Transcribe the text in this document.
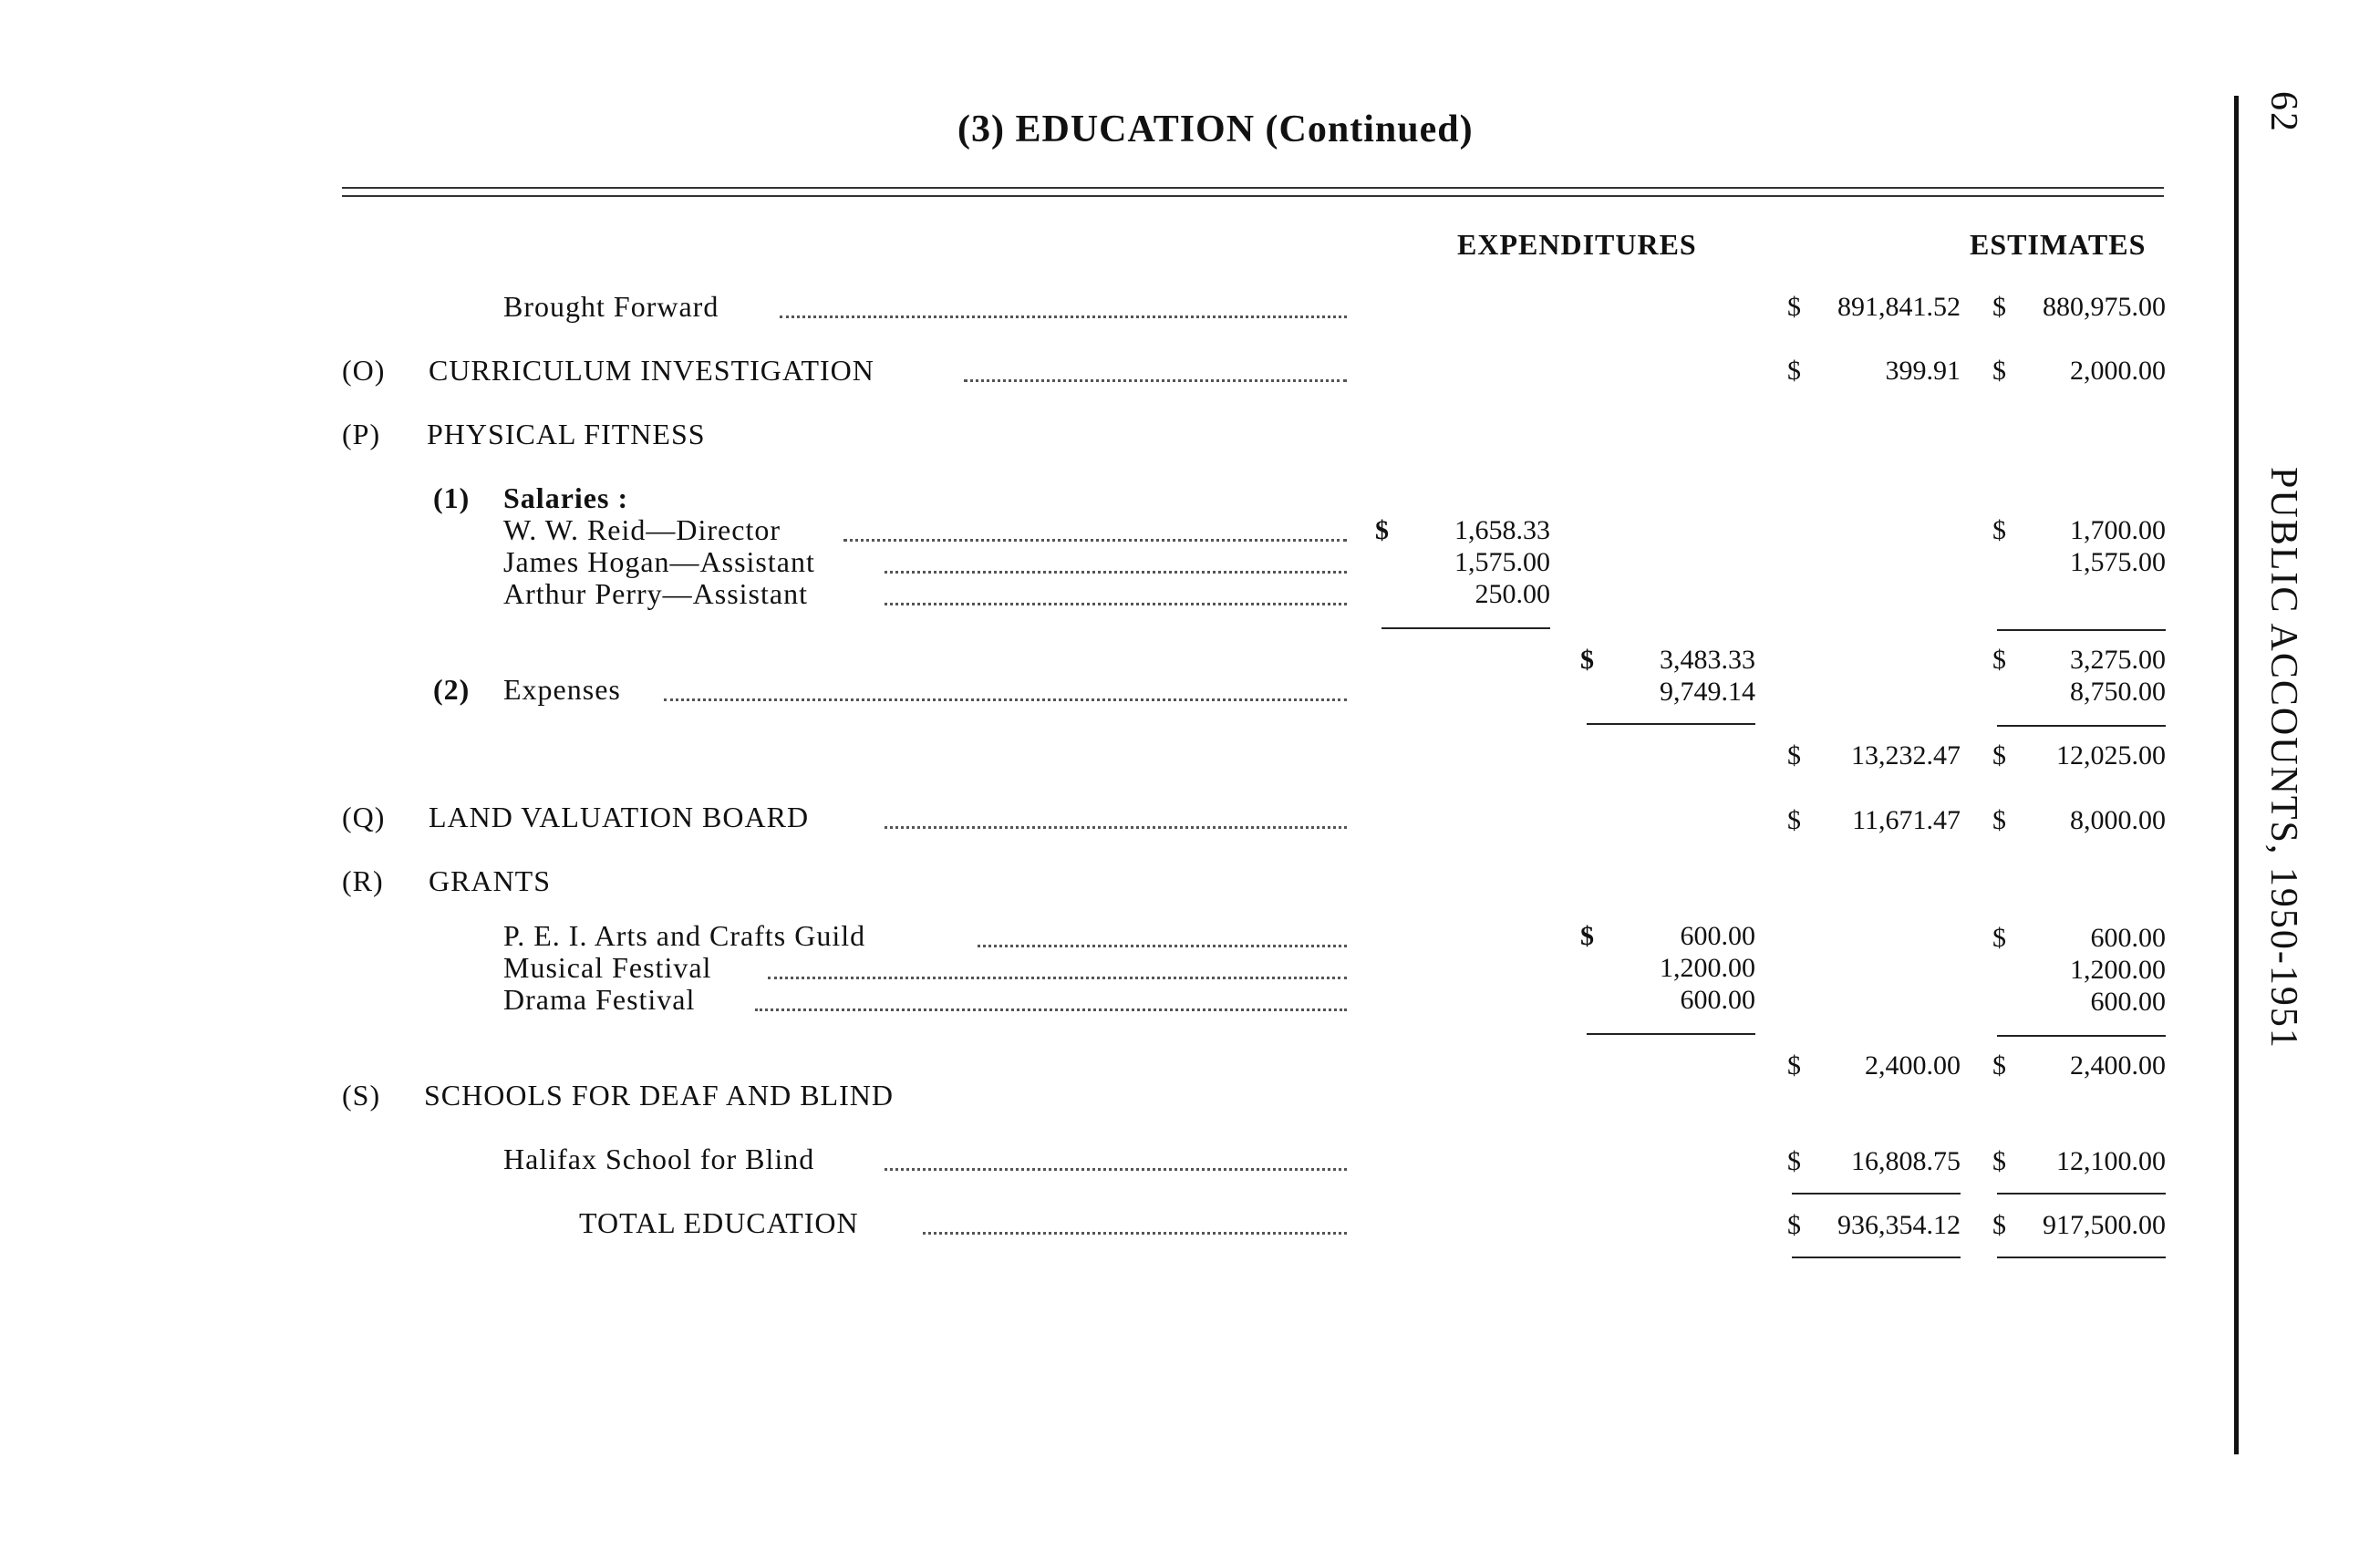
(3) EDUCATION (Continued)	62
PUBLIC ACCOUNTS, 1950-1951
EXPENDITURES	ESTIMATES
Brought Forward	$	891,841.52 $	880,975.00
(O) CURRICULUM INVESTIGATION	$	399.91 $	2,000.00
(P) PHYSICAL FITNESS
(1) Salaries :
W. W. Reid—Director	$	1,658.33	$	1,700.00
James Hogan—Assistant	1,575.00	1,575.00
Arthur Perry—Assistant	250.00
$	3,483.33	$	3,275.00
(2) Expenses	9,749.14	8,750.00
$	13,232.47 $	12,025.00
(Q) LAND VALUATION BOARD	$	11,671.47 $	8,000.00
(R) GRANTS
P. E. I. Arts and Crafts Guild	$	600.00	$	600.00
Musical Festival	1,200.00	1,200.00
Drama Festival	600.00	600.00
$	2,400.00 $	2,400.00
(S) SCHOOLS FOR DEAF AND BLIND
Halifax School for Blind	$	16,808.75 $	12,100.00
TOTAL EDUCATION	$	936,354.12 $	917,500.00
